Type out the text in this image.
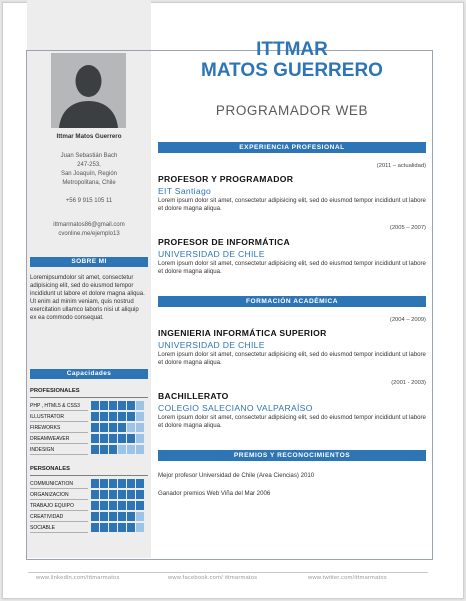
Ittmar Matos Guerrero
Juan Sebastián Bach
247-253,
San Joaquín, Región
Metropolitana, Chile
+56 9 915 105 11
ittmarmatos86@gmail.com
cvonline.me/ejemplo13
SOBRE MI
Loremipsumdolor sit amet, consectetur adipisicing elit, sed do eiusmod tempor incididunt ut labore et dolore magna aliqua. Ut enim ad minim veniam, quis nostrud exercitation ullamco laboris nisi ut aliquip ex ea commodo consequat.
Capacidades
PROFESIONALES
PHP , HTML5 & CSS3
ILLUSTRATOR
FIREWORKS
DREAMWEAVER
INDESIGN
PERSONALES
COMMUNICATION
ORGANIZACION
TRABAJO EQUIPO
CREATIVIDAD
SOCIABLE
ITTMAR
MATOS GUERRERO
PROGRAMADOR WEB
EXPERIENCIA PROFESIONAL
(2011 – actualidad)
PROFESOR Y PROGRAMADOR
EIT Santiago
Lorem ipsum dolor sit amet, consectetur adipisicing elit, sed do eiusmod tempor incididunt ut labore et dolore magna aliqua.
(2005 – 2007)
PROFESOR DE INFORMÁTICA
UNIVERSIDAD DE CHILE
Lorem ipsum dolor sit amet, consectetur adipisicing elit, sed do eiusmod tempor incididunt ut labore et dolore magna aliqua.
FORMACIÓN ACADÉMICA
(2004 – 2009)
INGENIERIA INFORMÁTICA SUPERIOR
UNIVERSIDAD DE CHILE
Lorem ipsum dolor sit amet, consectetur adipisicing elit, sed do eiusmod tempor incididunt ut labore et dolore magna aliqua.
(2001 - 2003)
BACHILLERATO
COLEGIO SALECIANO VALPARAÍSO
Lorem ipsum dolor sit amet, consectetur adipisicing elit, sed do eiusmod tempor incididunt ut labore et dolore magna aliqua.
PREMIOS Y RECONOCIMIENTOS
Mejor profesor Universidad de Chile (Area Ciencias) 2010
Ganador premios Web Viña del Mar 2006
www.linkedin.com/ittmarmatos	www.facebook.com/ ittmarmatos	www.twitter.com/ittmarmatos
